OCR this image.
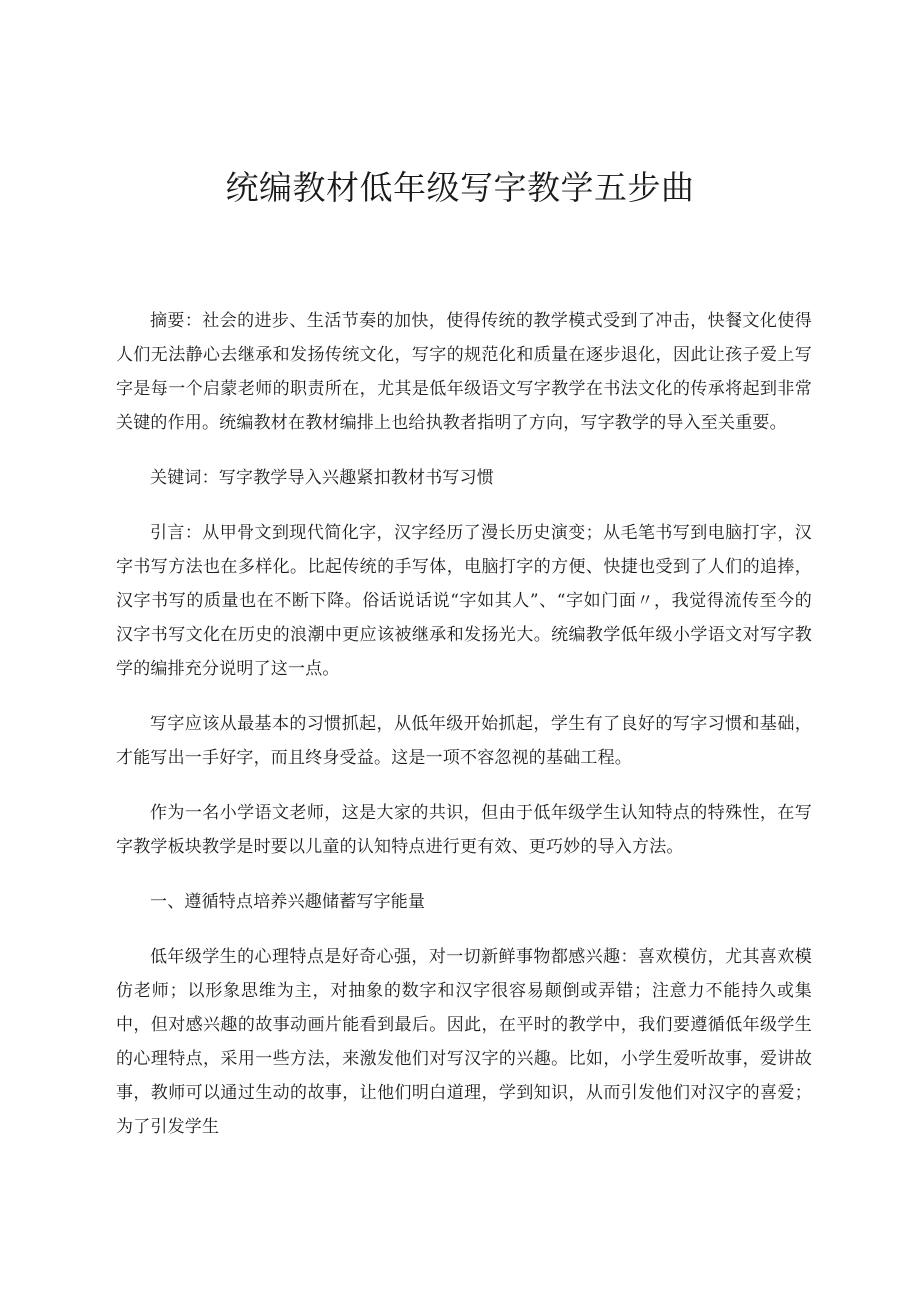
统编教材低年级写字教学五步曲

摘要：社会的进步、生活节奏的加快，使得传统的教学模式受到了冲击，快餐文化使得人们无法静心去继承和发扬传统文化，写字的规范化和质量在逐步退化，因此让孩子爱上写字是每一个启蒙老师的职责所在，尤其是低年级语文写字教学在书法文化的传承将起到非常关键的作用。统编教材在教材编排上也给执教者指明了方向，写字教学的导入至关重要。

关键词：写字教学导入兴趣紧扣教材书写习惯

引言：从甲骨文到现代简化字，汉字经历了漫长历史演变；从毛笔书写到电脑打字，汉字书写方法也在多样化。比起传统的手写体，电脑打字的方便、快捷也受到了人们的追捧，汉字书写的质量也在不断下降。俗话说话说“字如其人”、“字如门面〃，我觉得流传至今的汉字书写文化在历史的浪潮中更应该被继承和发扬光大。统编教学低年级小学语文对写字教学的编排充分说明了这一点。

写字应该从最基本的习惯抓起，从低年级开始抓起，学生有了良好的写字习惯和基础，才能写出一手好字，而且终身受益。这是一项不容忽视的基础工程。

作为一名小学语文老师，这是大家的共识，但由于低年级学生认知特点的特殊性，在写字教学板块教学是时要以儿童的认知特点进行更有效、更巧妙的导入方法。

一、遵循特点培养兴趣储蓄写字能量

低年级学生的心理特点是好奇心强，对一切新鲜事物都感兴趣：喜欢模仿，尤其喜欢模仿老师；以形象思维为主，对抽象的数字和汉字很容易颠倒或弄错；注意力不能持久或集中，但对感兴趣的故事动画片能看到最后。因此，在平时的教学中，我们要遵循低年级学生的心理特点，采用一些方法，来激发他们对写汉字的兴趣。比如，小学生爱听故事，爱讲故事，教师可以通过生动的故事，让他们明白道理，学到知识，从而引发他们对汉字的喜爱；为了引发学生
